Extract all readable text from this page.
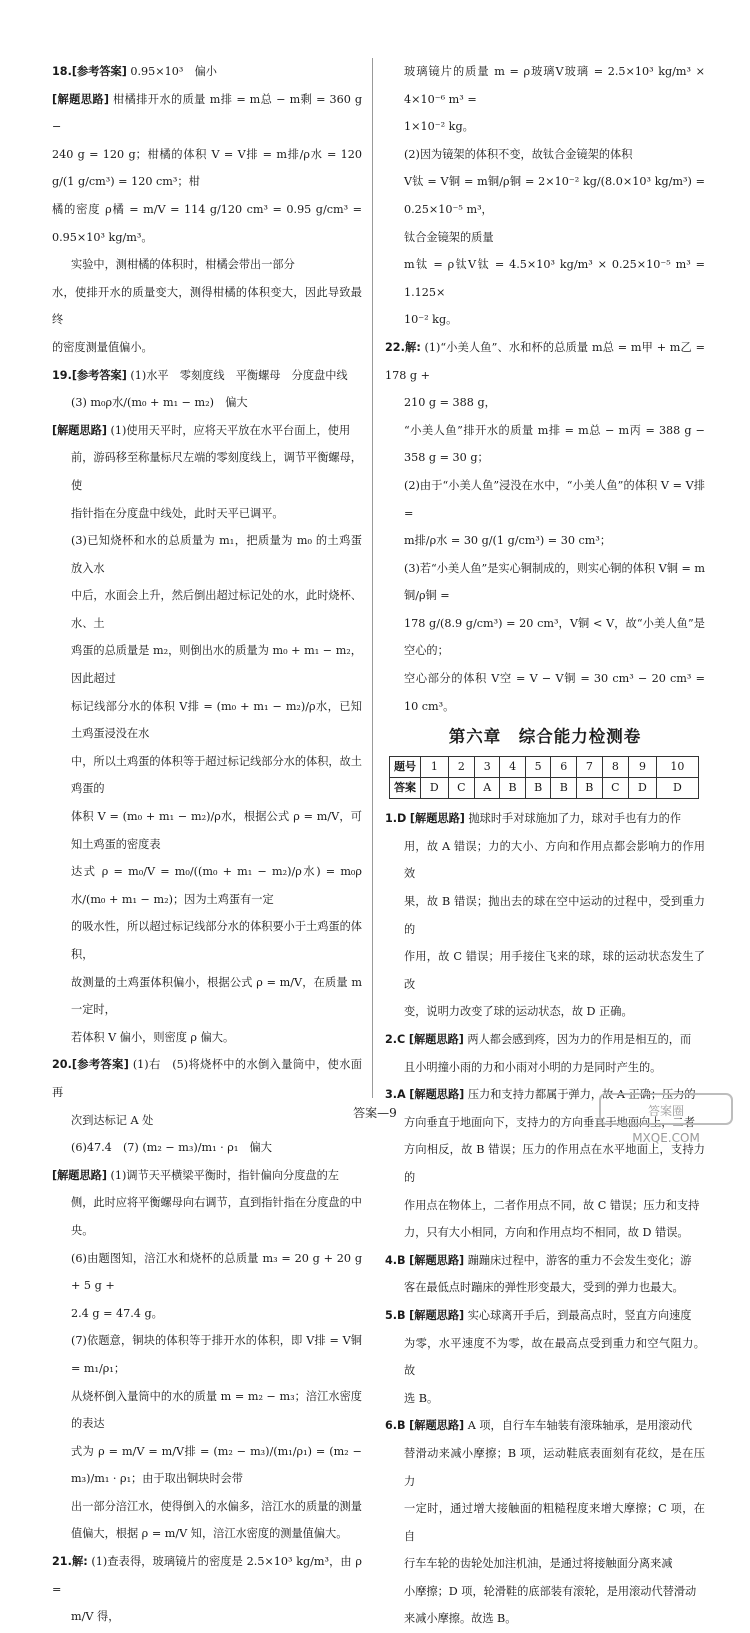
18.[参考答案] 0.95×10³　偏小

[解题思路] 柑橘排开水的质量 m排 = m总 − m剩 = 360 g −

240 g = 120 g；柑橘的体积 V = V排 = m排/ρ水 = 120 g/(1 g/cm³) = 120 cm³；柑

橘的密度 ρ橘 = m/V = 114 g/120 cm³ = 0.95 g/cm³ = 0.95×10³ kg/m³。

实验中，测柑橘的体积时，柑橘会带出一部分

水，使排开水的质量变大，测得柑橘的体积变大，因此导致最终

的密度测量值偏小。

19.[参考答案] (1)水平　零刻度线　平衡螺母　分度盘中线

(3) m₀ρ水/(m₀ + m₁ − m₂)　偏大

[解题思路] (1)使用天平时，应将天平放在水平台面上，使用

前，游码移至称量标尺左端的零刻度线上，调节平衡螺母，使

指针指在分度盘中线处，此时天平已调平。

(3)已知烧杯和水的总质量为 m₁，把质量为 m₀ 的土鸡蛋放入水

中后，水面会上升，然后倒出超过标记处的水，此时烧杯、水、土

鸡蛋的总质量是 m₂，则倒出水的质量为 m₀ + m₁ − m₂，因此超过

标记线部分水的体积 V排 = (m₀ + m₁ − m₂)/ρ水，已知土鸡蛋浸没在水

中，所以土鸡蛋的体积等于超过标记线部分水的体积，故土鸡蛋的

体积 V = (m₀ + m₁ − m₂)/ρ水，根据公式 ρ = m/V，可知土鸡蛋的密度表

达式 ρ = m₀/V = m₀/((m₀ + m₁ − m₂)/ρ水) = m₀ρ水/(m₀ + m₁ − m₂)；因为土鸡蛋有一定

的吸水性，所以超过标记线部分水的体积要小于土鸡蛋的体积，

故测量的土鸡蛋体积偏小，根据公式 ρ = m/V，在质量 m 一定时，

若体积 V 偏小，则密度 ρ 偏大。

20.[参考答案] (1)右　(5)将烧杯中的水倒入量筒中，使水面再

次到达标记 A 处

(6)47.4　(7) (m₂ − m₃)/m₁ · ρ₁　偏大

[解题思路] (1)调节天平横梁平衡时，指针偏向分度盘的左

侧，此时应将平衡螺母向右调节，直到指针指在分度盘的中央。

(6)由题图知，涪江水和烧杯的总质量 m₃ = 20 g + 20 g + 5 g +

2.4 g = 47.4 g。

(7)依题意，铜块的体积等于排开水的体积，即 V排 = V铜 = m₁/ρ₁；

从烧杯倒入量筒中的水的质量 m = m₂ − m₃；涪江水密度的表达

式为 ρ = m/V = m/V排 = (m₂ − m₃)/(m₁/ρ₁) = (m₂ − m₃)/m₁ · ρ₁；由于取出铜块时会带

出一部分涪江水，使得倒入的水偏多，涪江水的质量的测量

值偏大，根据 ρ = m/V 知，涪江水密度的测量值偏大。

21.解: (1)查表得，玻璃镜片的密度是 2.5×10³ kg/m³，由 ρ =

m/V 得，

玻璃镜片的质量 m = ρ玻璃V玻璃 = 2.5×10³ kg/m³ × 4×10⁻⁶ m³ =

1×10⁻² kg。

(2)因为镜架的体积不变，故钛合金镜架的体积

V钛 = V铜 = m铜/ρ铜 = 2×10⁻² kg/(8.0×10³ kg/m³) = 0.25×10⁻⁵ m³，

钛合金镜架的质量

m钛 = ρ钛V钛 = 4.5×10³ kg/m³ × 0.25×10⁻⁵ m³ = 1.125×

10⁻² kg。

22.解: (1)“小美人鱼”、水和杯的总质量 m总 = m甲 + m乙 = 178 g +

210 g = 388 g，

“小美人鱼”排开水的质量 m排 = m总 − m丙 = 388 g − 358 g = 30 g；

(2)由于“小美人鱼”浸没在水中，“小美人鱼”的体积 V = V排 =

m排/ρ水 = 30 g/(1 g/cm³) = 30 cm³；

(3)若“小美人鱼”是实心铜制成的，则实心铜的体积 V铜 = m铜/ρ铜 =

178 g/(8.9 g/cm³) = 20 cm³，V铜 < V，故“小美人鱼”是空心的；

空心部分的体积 V空 = V − V铜 = 30 cm³ − 20 cm³ = 10 cm³。

第六章　综合能力检测卷
题号	1	2	3	4	5	6	7	8	9	10
答案	D	C	A	B	B	B	B	C	D	D

1.D [解题思路] 抛球时手对球施加了力，球对手也有力的作

用，故 A 错误；力的大小、方向和作用点都会影响力的作用效

果，故 B 错误；抛出去的球在空中运动的过程中，受到重力的

作用，故 C 错误；用手接住飞来的球，球的运动状态发生了改

变，说明力改变了球的运动状态，故 D 正确。

2.C [解题思路] 两人都会感到疼，因为力的作用是相互的，而

且小明撞小雨的力和小雨对小明的力是同时产生的。

3.A [解题思路] 压力和支持力都属于弹力，故 A 正确；压力的

方向垂直于地面向下，支持力的方向垂直于地面向上，二者

方向相反，故 B 错误；压力的作用点在水平地面上，支持力的

作用点在物体上，二者作用点不同，故 C 错误；压力和支持

力，只有大小相同，方向和作用点均不相同，故 D 错误。

4.B [解题思路] 蹦蹦床过程中，游客的重力不会发生变化；游

客在最低点时蹦床的弹性形变最大，受到的弹力也最大。

5.B [解题思路] 实心球离开手后，到最高点时，竖直方向速度

为零，水平速度不为零，故在最高点受到重力和空气阻力。故

选 B。

6.B [解题思路] A 项，自行车车轴装有滚珠轴承，是用滚动代

替滑动来减小摩擦；B 项，运动鞋底表面刻有花纹，是在压力

一定时，通过增大接触面的粗糙程度来增大摩擦；C 项，在自

行车车轮的齿轮处加注机油，是通过将接触面分离来减

小摩擦；D 项，轮滑鞋的底部装有滚轮，是用滚动代替滑动

来减小摩擦。故选 B。

答案—9	答案圈
MXQE.COM
